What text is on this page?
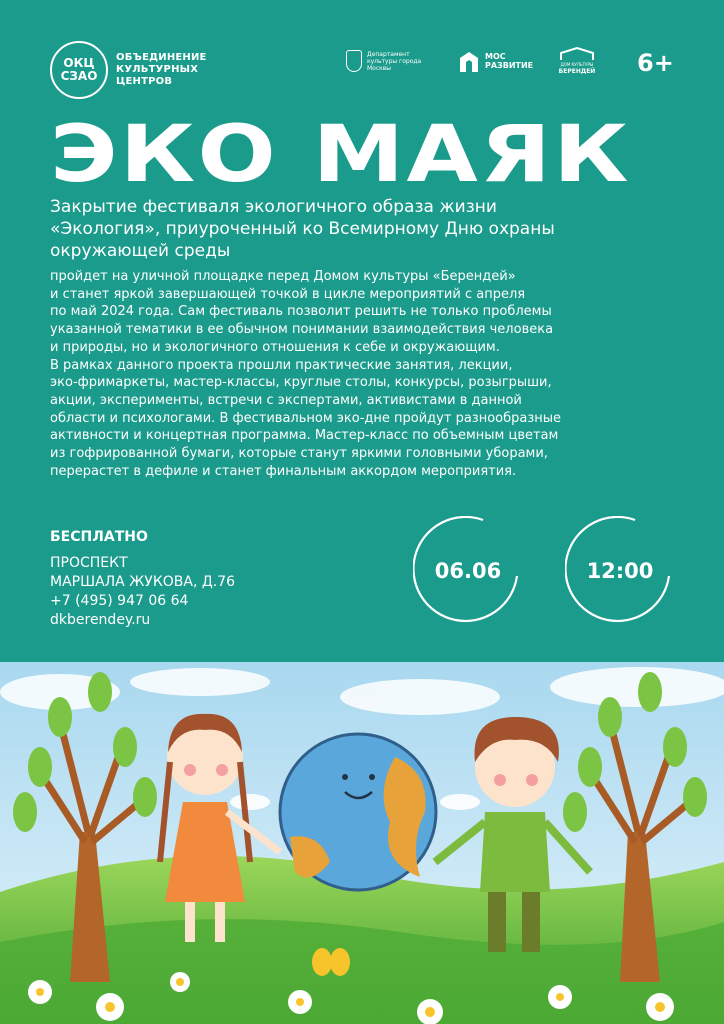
ОКЦ
СЗАО
ОБЪЕДИНЕНИЕ КУЛЬТУРНЫХ ЦЕНТРОВ
Департамент культуры города Москвы
МОС
РАЗВИТИЕ	ДОМ КУЛЬТУРЫ
БЕРЕНДЕЙ 6+
ЭКО МАЯК
Закрытие фестиваля экологичного образа жизни «Экология», приуроченный ко Всемирному Дню охраны окружающей среды
пройдет на уличной площадке перед Домом культуры «Берендей»
и станет яркой завершающей точкой в цикле мероприятий с апреля
по май 2024 года. Сам фестиваль позволит решить не только проблемы
указанной тематики в ее обычном понимании взаимодействия человека
и природы, но и экологичного отношения к себе и окружающим.
В рамках данного проекта прошли практические занятия, лекции,
эко-фримаркеты, мастер-классы, круглые столы, конкурсы, розыгрыши,
акции, эксперименты, встречи с экспертами, активистами в данной
области и психологами. В фестивальном эко-дне пройдут разнообразные
активности и концертная программа. Мастер-класс по объемным цветам
из гофрированной бумаги, которые станут яркими головными уборами,
перерастет в дефиле и станет финальным аккордом мероприятия.
БЕСПЛАТНО
ПРОСПЕКТ
МАРШАЛА ЖУКОВА, Д.76
+7 (495) 947 06 64
dkberendey.ru
06.06	12:00
